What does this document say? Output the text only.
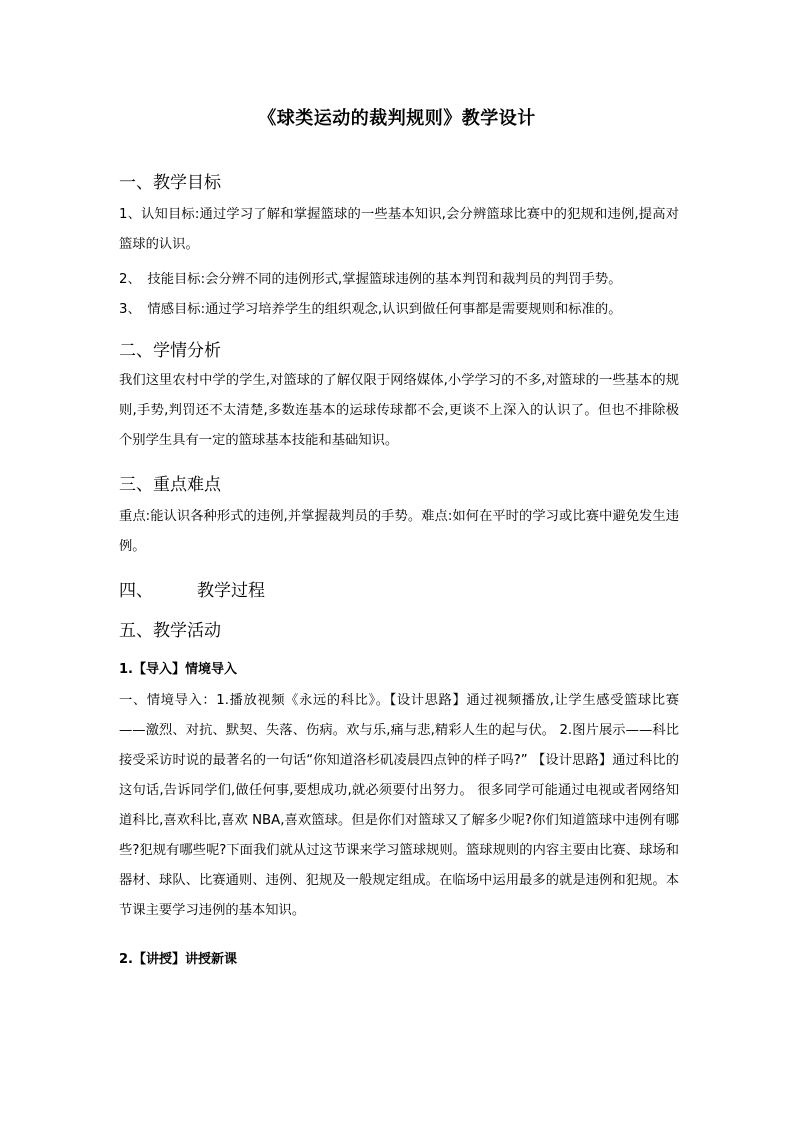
《球类运动的裁判规则》教学设计
一、教学目标
1、认知目标:通过学习了解和掌握篮球的一些基本知识,会分辨篮球比赛中的犯规和违例,提高对篮球的认识。
2、　技能目标:会分辨不同的违例形式,掌握篮球违例的基本判罚和裁判员的判罚手势。
3、　情感目标:通过学习培养学生的组织观念,认识到做任何事都是需要规则和标准的。
二、学情分析
我们这里农村中学的学生,对篮球的了解仅限于网络媒体,小学学习的不多,对篮球的一些基本的规则,手势,判罚还不太清楚,多数连基本的运球传球都不会,更谈不上深入的认识了。但也不排除极个别学生具有一定的篮球基本技能和基础知识。
三、重点难点
重点:能认识各种形式的违例,并掌握裁判员的手势。难点:如何在平时的学习或比赛中避免发生违例。
四、	教学过程
五、教学活动
1.【导入】情境导入
一、情境导入：1.播放视频《永远的科比》。【设计思路】通过视频播放,让学生感受篮球比赛——激烈、对抗、默契、失落、伤病。欢与乐,痛与悲,精彩人生的起与伏。 2.图片展示——科比接受采访时说的最著名的一句话“你知道洛杉矶凌晨四点钟的样子吗?” 【设计思路】通过科比的这句话,告诉同学们,做任何事,要想成功,就必须要付出努力。 很多同学可能通过电视或者网络知道科比,喜欢科比,喜欢 NBA,喜欢篮球。但是你们对篮球又了解多少呢?你们知道篮球中违例有哪些?犯规有哪些呢?下面我们就从过这节课来学习篮球规则。篮球规则的内容主要由比赛、球场和器材、球队、比赛通则、违例、犯规及一般规定组成。在临场中运用最多的就是违例和犯规。本节课主要学习违例的基本知识。
2.【讲授】讲授新课
